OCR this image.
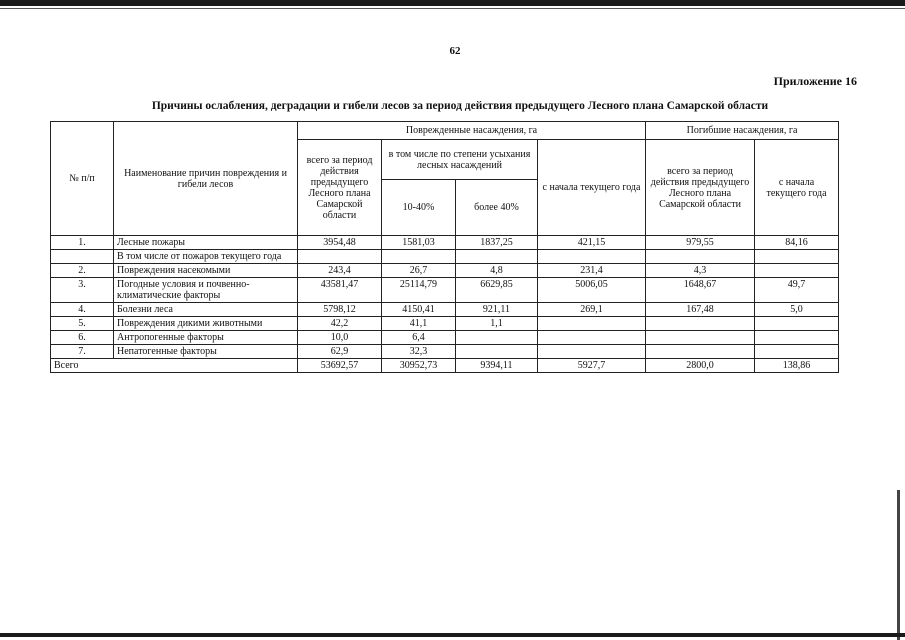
62
Приложение 16
Причины ослабления, деградации и гибели лесов за период действия предыдущего Лесного плана Самарской области
№ п/п	Наименование причин повреждения и гибели лесов	Поврежденные насаждения, га				Погибшие насаждения, га	
		всего за период действия предыдущего Лесного плана Самарской области	в том числе по степени усыхания лесных насаждений		с начала текущего года	всего за период действия предыдущего Лесного плана Самарской области	с начала текущего года
			10-40%	более 40%			
1.	Лесные пожары	3954,48	1581,03	1837,25	421,15	979,55	84,16
	В том числе от пожаров текущего года						
2.	Повреждения насекомыми	243,4	26,7	4,8	231,4	4,3	
3.	Погодные условия и почвенно-климатические факторы	43581,47	25114,79	6629,85	5006,05	1648,67	49,7
4.	Болезни леса	5798,12	4150,41	921,11	269,1	167,48	5,0
5.	Повреждения дикими животными	42,2	41,1	1,1			
6.	Антропогенные факторы	10,0	6,4				
7.	Непатогенные факторы	62,9	32,3				
Всего		53692,57	30952,73	9394,11	5927,7	2800,0	138,86
